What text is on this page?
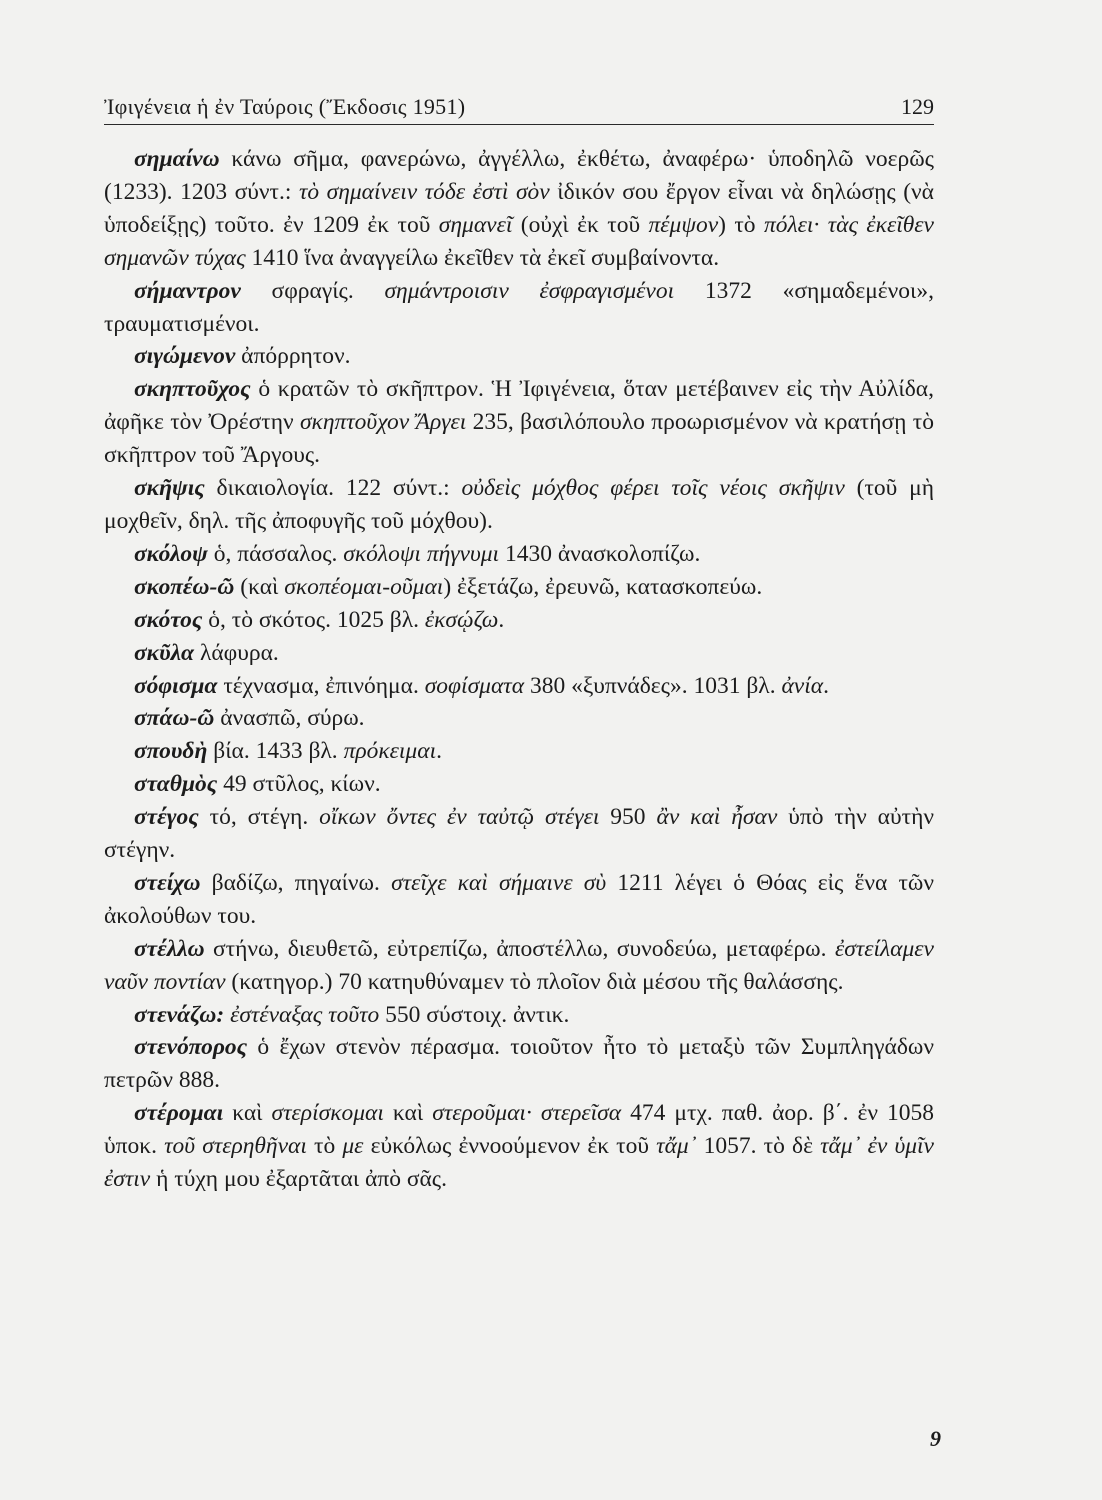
Ἰφιγένεια ἡ ἐν Ταύροις (Ἔκδοσις 1951)	129
σημαίνω κάνω σῆμα, φανερώνω, ἀγγέλλω, ἐκθέτω, ἀναφέρω· ὑποδηλῶ νοερῶς (1233). 1203 σύντ.: τὸ σημαίνειν τόδε ἐστὶ σὸν ἰδικόν σου ἔργον εἶναι νὰ δηλώσῃς (νὰ ὑποδείξῃς) τοῦτο. ἐν 1209 ἐκ τοῦ σημανεῖ (οὐχὶ ἐκ τοῦ πέμψον) τὸ πόλει· τὰς ἐκεῖθεν σημανῶν τύχας 1410 ἵνα ἀναγγείλω ἐκεῖθεν τὰ ἐκεῖ συμβαίνοντα.
σήμαντρον σφραγίς. σημάντροισιν ἐσφραγισμένοι 1372 «σημαδεμένοι», τραυματισμένοι.
σιγώμενον ἀπόρρητον.
σκηπτοῦχος ὁ κρατῶν τὸ σκῆπτρον. Ἡ Ἰφιγένεια, ὅταν μετέβαινεν εἰς τὴν Αὐλίδα, ἀφῆκε τὸν Ὀρέστην σκηπτοῦχον Ἄργει 235, βασιλόπουλο προωρισμένον νὰ κρατήσῃ τὸ σκῆπτρον τοῦ Ἄργους.
σκῆψις δικαιολογία. 122 σύντ.: οὐδεὶς μόχθος φέρει τοῖς νέοις σκῆψιν (τοῦ μὴ μοχθεῖν, δηλ. τῆς ἀποφυγῆς τοῦ μόχθου).
σκόλοψ ὁ, πάσσαλος. σκόλοψι πήγνυμι 1430 ἀνασκολοπίζω.
σκοπέω-ῶ (καὶ σκοπέομαι-οῦμαι) ἐξετάζω, ἐρευνῶ, κατασκοπεύω.
σκότος ὁ, τὸ σκότος. 1025 βλ. ἐκσῴζω.
σκῦλα λάφυρα.
σόφισμα τέχνασμα, ἐπινόημα. σοφίσματα 380 «ξυπνάδες». 1031 βλ. ἀνία.
σπάω-ῶ ἀνασπῶ, σύρω.
σπουδὴ βία. 1433 βλ. πρόκειμαι.
σταθμὸς 49 στῦλος, κίων.
στέγος τό, στέγη. οἴκων ὄντες ἐν ταὐτῷ στέγει 950 ἂν καὶ ἦσαν ὑπὸ τὴν αὐτὴν στέγην.
στείχω βαδίζω, πηγαίνω. στεῖχε καὶ σήμαινε σὺ 1211 λέγει ὁ Θόας εἰς ἕνα τῶν ἀκολούθων του.
στέλλω στήνω, διευθετῶ, εὐτρεπίζω, ἀποστέλλω, συνοδεύω, μεταφέρω. ἐστείλαμεν ναῦν ποντίαν (κατηγορ.) 70 κατηυθύναμεν τὸ πλοῖον διὰ μέσου τῆς θαλάσσης.
στενάζω: ἐστέναξας τοῦτο 550 σύστοιχ. ἀντικ.
στενόπορος ὁ ἔχων στενὸν πέρασμα. τοιοῦτον ἦτο τὸ μεταξὺ τῶν Συμπληγάδων πετρῶν 888.
στέρομαι καὶ στερίσκομαι καὶ στεροῦμαι· στερεῖσα 474 μτχ. παθ. ἀορ. β΄. ἐν 1058 ὑποκ. τοῦ στερηθῆναι τὸ με εὐκόλως ἐννοούμενον ἐκ τοῦ τἄμ᾽ 1057. τὸ δὲ τἄμ᾽ ἐν ὑμῖν ἐστιν ἡ τύχη μου ἐξαρτᾶται ἀπὸ σᾶς.
9
